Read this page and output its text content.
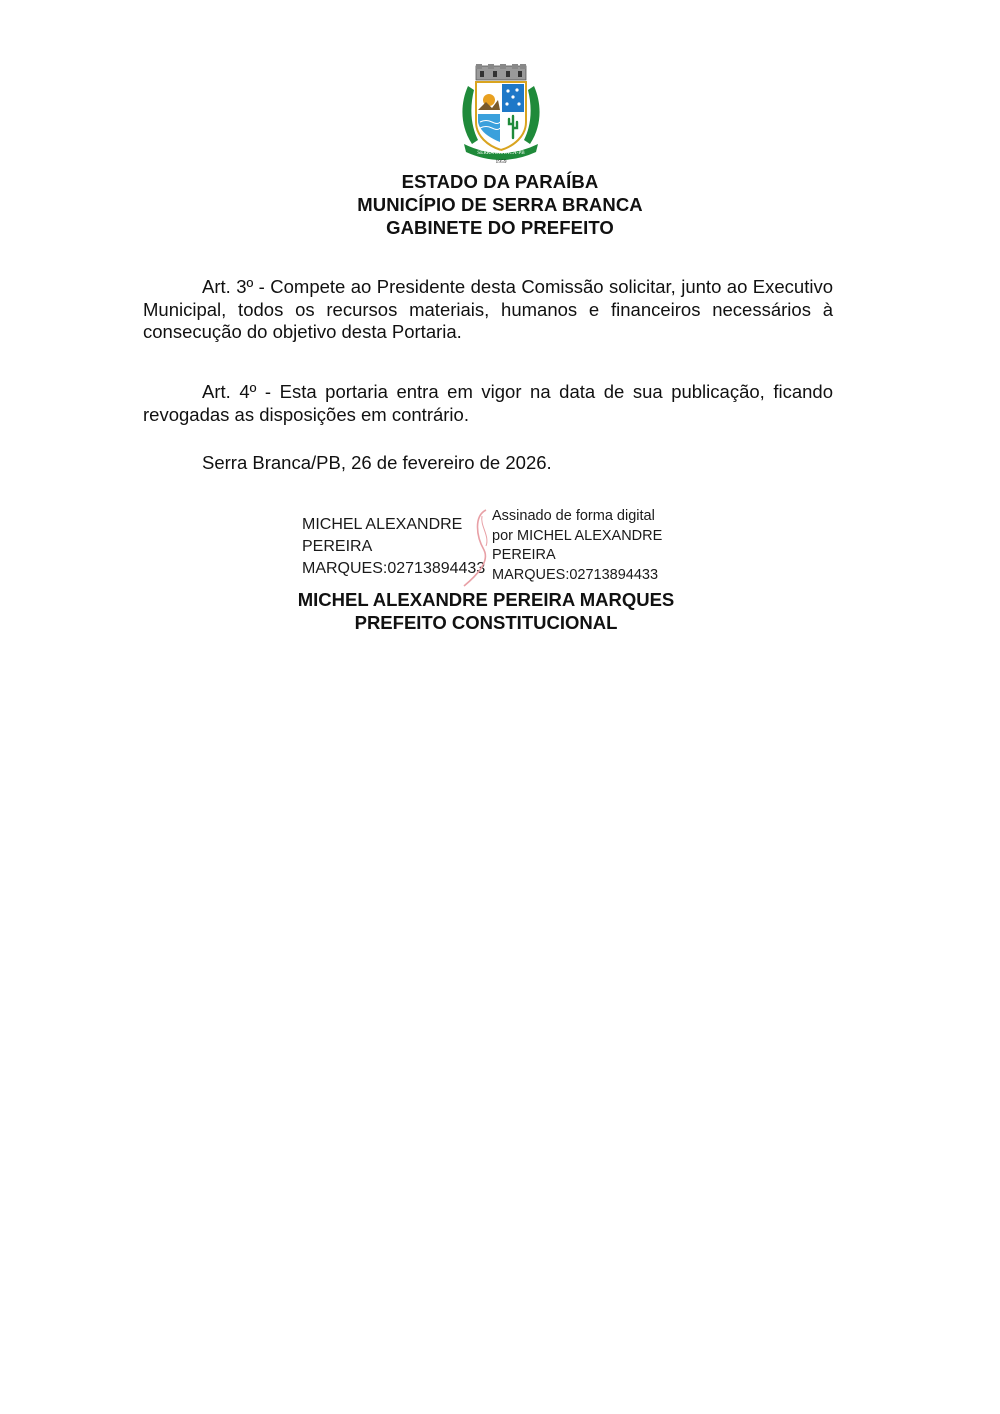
SERRA BRANCA-PB
1959
ESTADO DA PARAÍBA
MUNICÍPIO DE SERRA BRANCA
GABINETE DO PREFEITO
Art. 3º - Compete ao Presidente desta Comissão solicitar, junto ao Executivo Municipal, todos os recursos materiais, humanos e financeiros necessários à consecução do objetivo desta Portaria.
Art. 4º - Esta portaria entra em vigor na data de sua publicação, ficando revogadas as disposições em contrário.
Serra Branca/PB, 26 de fevereiro de 2026.
MICHEL ALEXANDRE
PEREIRA
MARQUES:02713894433
Assinado de forma digital
por MICHEL ALEXANDRE
PEREIRA
MARQUES:02713894433
MICHEL ALEXANDRE PEREIRA MARQUES
PREFEITO CONSTITUCIONAL
